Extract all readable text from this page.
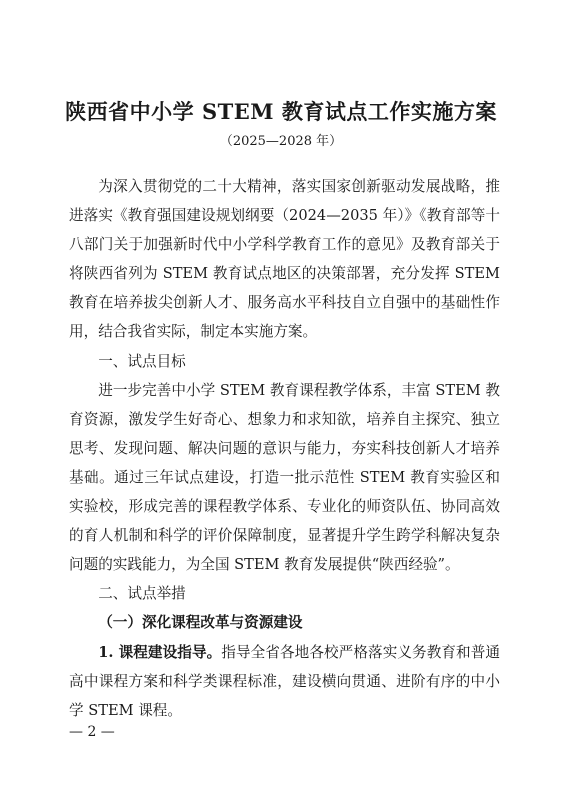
陕西省中小学 STEM 教育试点工作实施方案
（2025—2028 年）

为深入贯彻党的二十大精神，落实国家创新驱动发展战略，推进落实《教育强国建设规划纲要（2024—2035 年）》《教育部等十八部门关于加强新时代中小学科学教育工作的意见》及教育部关于将陕西省列为 STEM 教育试点地区的决策部署，充分发挥 STEM 教育在培养拔尖创新人才、服务高水平科技自立自强中的基础性作用，结合我省实际，制定本实施方案。

一、试点目标

进一步完善中小学 STEM 教育课程教学体系，丰富 STEM 教育资源，激发学生好奇心、想象力和求知欲，培养自主探究、独立思考、发现问题、解决问题的意识与能力，夯实科技创新人才培养基础。通过三年试点建设，打造一批示范性 STEM 教育实验区和实验校，形成完善的课程教学体系、专业化的师资队伍、协同高效的育人机制和科学的评价保障制度，显著提升学生跨学科解决复杂问题的实践能力，为全国 STEM 教育发展提供“陕西经验”。

二、试点举措

（一）深化课程改革与资源建设

1. 课程建设指导。指导全省各地各校严格落实义务教育和普通高中课程方案和科学类课程标准，建设横向贯通、进阶有序的中小学 STEM 课程。

— 2 —
